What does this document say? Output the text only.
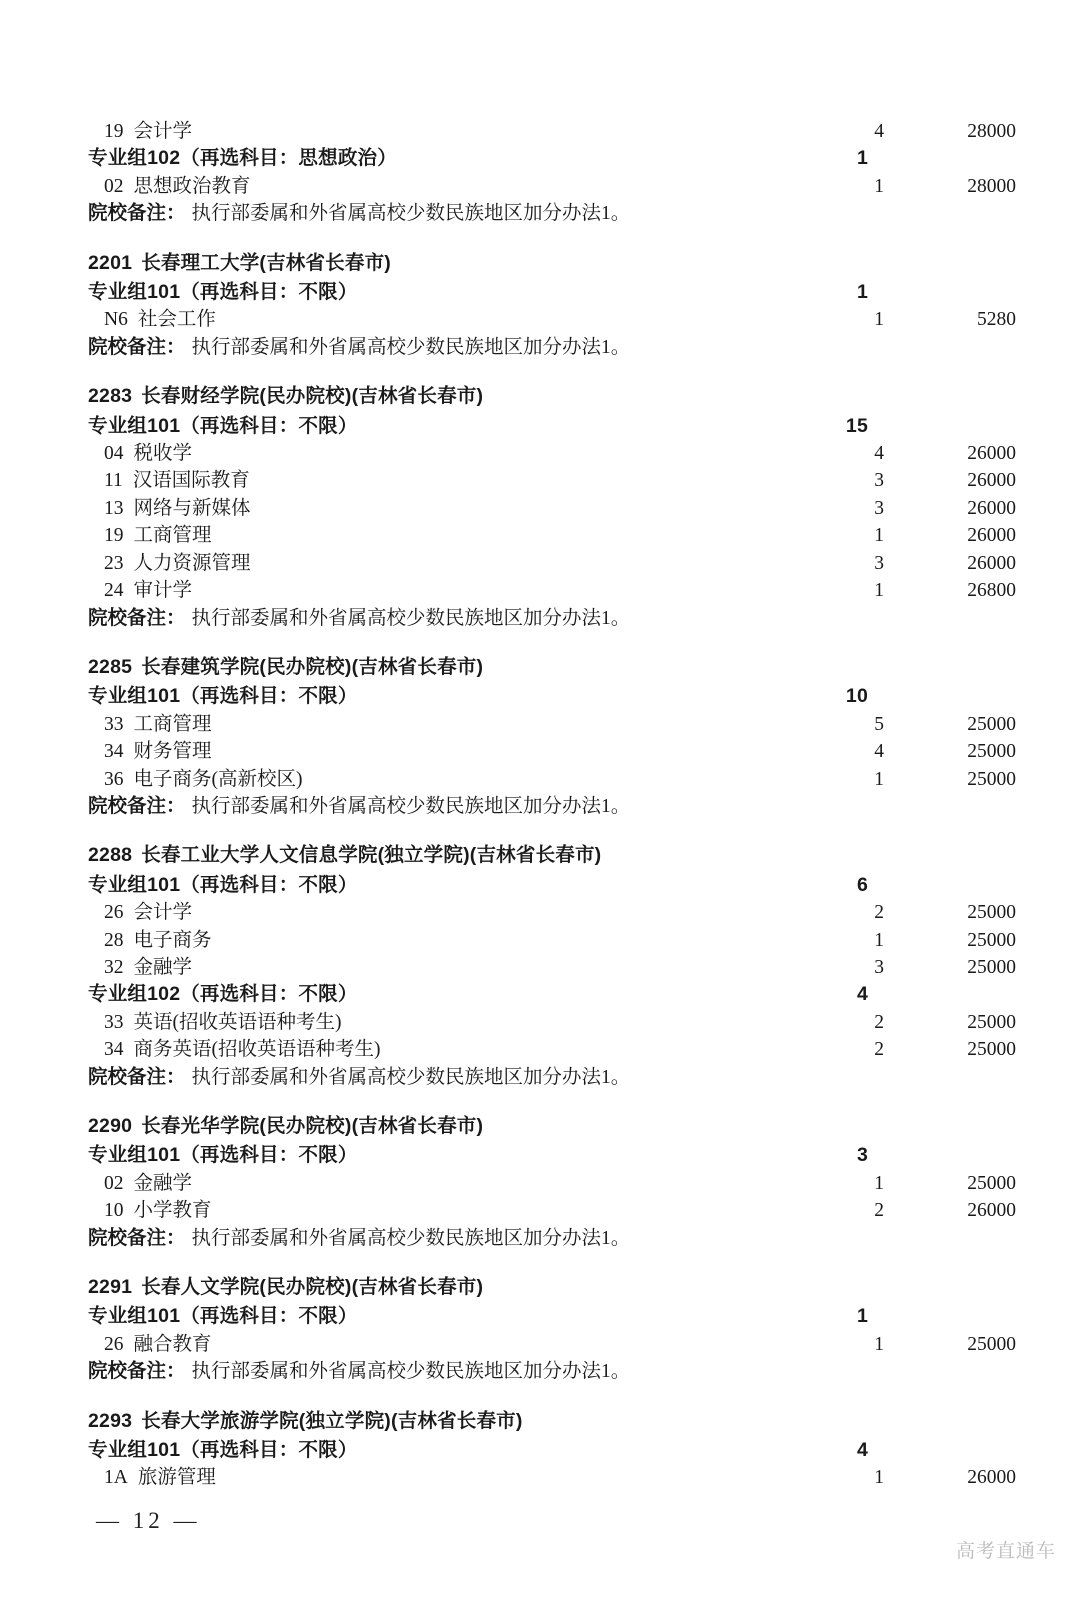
19 会计学	4	28000
专业组102（再选科目：思想政治）	1
02 思想政治教育	1	28000
院校备注： 执行部委属和外省属高校少数民族地区加分办法1。
2201 长春理工大学(吉林省长春市)
专业组101（再选科目：不限）	1
N6 社会工作	1	5280
院校备注： 执行部委属和外省属高校少数民族地区加分办法1。
2283 长春财经学院(民办院校)(吉林省长春市)
专业组101（再选科目：不限）	15
04 税收学	4	26000
11 汉语国际教育	3	26000
13 网络与新媒体	3	26000
19 工商管理	1	26000
23 人力资源管理	3	26000
24 审计学	1	26800
院校备注： 执行部委属和外省属高校少数民族地区加分办法1。
2285 长春建筑学院(民办院校)(吉林省长春市)
专业组101（再选科目：不限）	10
33 工商管理	5	25000
34 财务管理	4	25000
36 电子商务(高新校区)	1	25000
院校备注： 执行部委属和外省属高校少数民族地区加分办法1。
2288 长春工业大学人文信息学院(独立学院)(吉林省长春市)
专业组101（再选科目：不限）	6
26 会计学	2	25000
28 电子商务	1	25000
32 金融学	3	25000
专业组102（再选科目：不限）	4
33 英语(招收英语语种考生)	2	25000
34 商务英语(招收英语语种考生)	2	25000
院校备注： 执行部委属和外省属高校少数民族地区加分办法1。
2290 长春光华学院(民办院校)(吉林省长春市)
专业组101（再选科目：不限）	3
02 金融学	1	25000
10 小学教育	2	26000
院校备注： 执行部委属和外省属高校少数民族地区加分办法1。
2291 长春人文学院(民办院校)(吉林省长春市)
专业组101（再选科目：不限）	1
26 融合教育	1	25000
院校备注： 执行部委属和外省属高校少数民族地区加分办法1。
2293 长春大学旅游学院(独立学院)(吉林省长春市)
专业组101（再选科目：不限）	4
1A 旅游管理	1	26000
— 12 —
高考直通车
